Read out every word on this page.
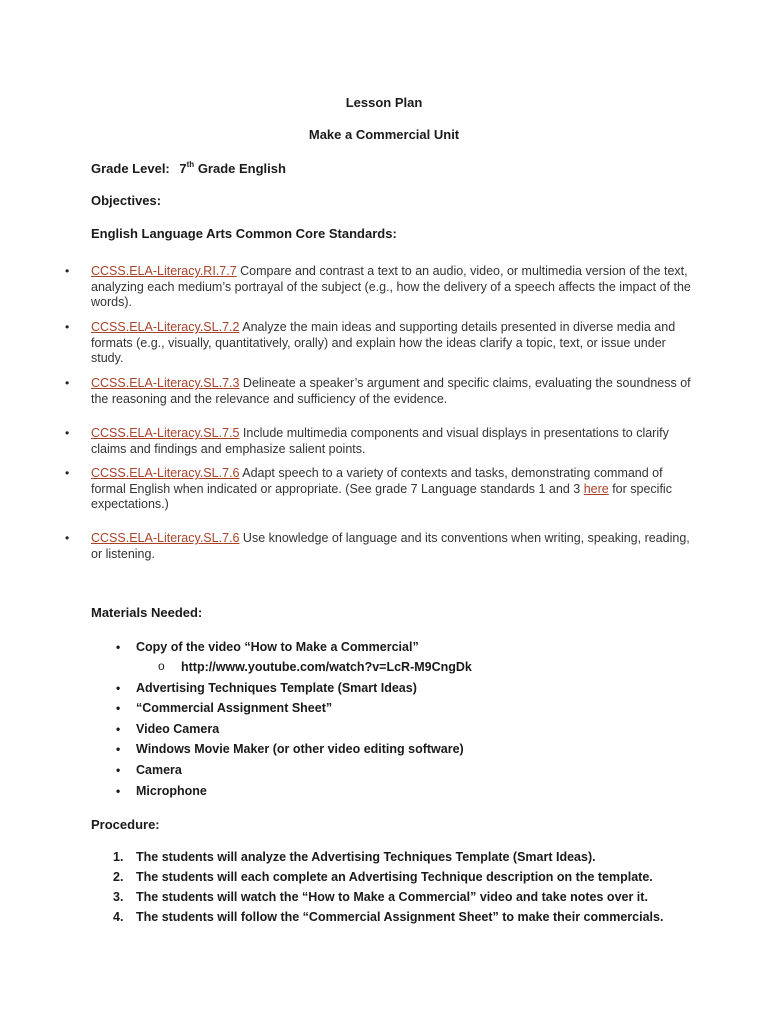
Lesson Plan
Make a Commercial Unit
Grade Level: 7th Grade English
Objectives:
English Language Arts Common Core Standards:
• CCSS.ELA-Literacy.RI.7.7 Compare and contrast a text to an audio, video, or multimedia version of the text, analyzing each medium’s portrayal of the subject (e.g., how the delivery of a speech affects the impact of the words).
• CCSS.ELA-Literacy.SL.7.2 Analyze the main ideas and supporting details presented in diverse media and formats (e.g., visually, quantitatively, orally) and explain how the ideas clarify a topic, text, or issue under study.
• CCSS.ELA-Literacy.SL.7.3 Delineate a speaker’s argument and specific claims, evaluating the soundness of the reasoning and the relevance and sufficiency of the evidence.
• CCSS.ELA-Literacy.SL.7.5 Include multimedia components and visual displays in presentations to clarify claims and findings and emphasize salient points.
• CCSS.ELA-Literacy.SL.7.6 Adapt speech to a variety of contexts and tasks, demonstrating command of formal English when indicated or appropriate. (See grade 7 Language standards 1 and 3 here for specific expectations.)
• CCSS.ELA-Literacy.SL.7.6 Use knowledge of language and its conventions when writing, speaking, reading, or listening.
Materials Needed:
• Copy of the video “How to Make a Commercial”
o http://www.youtube.com/watch?v=LcR-M9CngDk
• Advertising Techniques Template (Smart Ideas)
• “Commercial Assignment Sheet”
• Video Camera
• Windows Movie Maker (or other video editing software)
• Camera
• Microphone
Procedure:
1. The students will analyze the Advertising Techniques Template (Smart Ideas).
2. The students will each complete an Advertising Technique description on the template.
3. The students will watch the “How to Make a Commercial” video and take notes over it.
4. The students will follow the “Commercial Assignment Sheet” to make their commercials.
